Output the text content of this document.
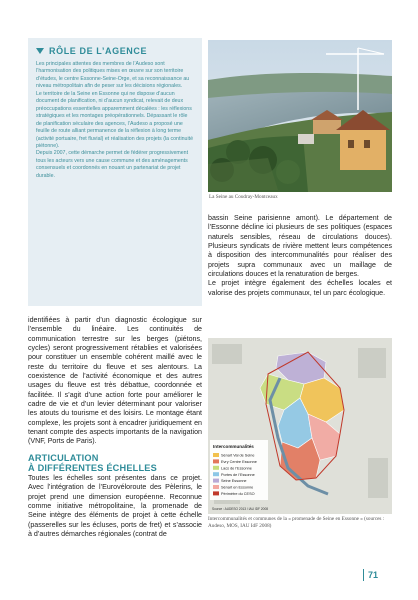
RÔLE DE L’AGENCE

Les principales attentes des membres de l’Audeso sont l’harmonisation des politiques mises en œuvre sur son territoire d’études, le centre Essonne-Seine-Orge, et sa reconnaissance au niveau métropolitain afin de peser sur les décisions régionales.

Le territoire de la Seine en Essonne qui ne dispose d’aucun document de planification, ni d’aucun syndicat, relevait de deux préoccupations essentielles apparemment décalées : les réflexions stratégiques et les montages préopérationnels. Dépassant le rôle de planification séculaire des agences, l’Audeso a proposé une feuille de route alliant permanence de la réflexion à long terme (activité portuaire, fret fluvial) et réalisation des projets (la continuité piétonne).

Depuis 2007, cette démarche permet de fédérer progressivement tous les acteurs vers une cause commune et des aménagements consensuels et coordonnés en nouant un partenariat de projet durable.

La Seine au Coudray-Montceaux

bassin Seine parisienne amont). Le département de l’Essonne décline ici plusieurs de ses politiques (espaces naturels sensibles, réseau de circulations douces). Plusieurs syndicats de rivière mettent leurs compétences à disposition des intercommunalités pour réaliser des projets supra communaux avec un maillage de circulations douces et la renaturation de berges.

Le projet intègre également des échelles locales et valorise des projets communaux, tel un parc écologique.

identifiées à partir d’un diagnostic écologique sur l’ensemble du linéaire. Les continuités de communication terrestre sur les berges (piétons, cycles) seront progressivement rétablies et valorisées pour constituer un ensemble cohérent maillé avec le reste du territoire du fleuve et ses alentours. La coexistence de l’activité économique et des autres usages du fleuve est très débattue, coordonnée et facilitée. Il s’agit d’une action forte pour améliorer le cadre de vie et d’un levier déterminant pour valoriser les atouts du tourisme et des loisirs. Le montage étant complexe, les projets sont à encadrer juridiquement en tenant compte des aspects importants de la navigation (VNF, Ports de Paris).

ARTICULATION
À DIFFÉRENTES ÉCHELLES

Toutes les échelles sont présentes dans ce projet. Avec l’intégration de l’Eurovéloroute des Pèlerins, le projet prend une dimension européenne. Reconnue comme initiative métropolitaine, la promenade de Seine intègre des éléments de projet à cette échelle (passerelles sur les écluses, ports de fret) et s’associe à d’autres démarches régionales (contrat de

Intercommunalités
Sénart Val de Seine
Evry Centre Essonne
Lacs de l’Essonne
Portes de l’Essonne
Seine Essonne
Sénart en Essonne
Périmètre du CESO
Source : AUDESO 2013 / IAU IDF 2008
Intercommunalités et communes de la « promenade de Seine en Essonne » (sources : Audeso, MOS, IAU IdF 2008)
71
